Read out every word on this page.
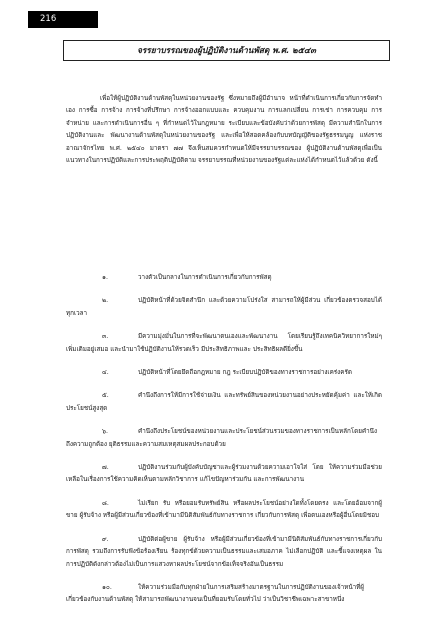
216
จรรยาบรรณของผู้ปฏิบัติงานด้านพัสดุ พ.ศ. ๒๕๔๓

เพื่อให้ผู้ปฏิบัติงานด้านพัสดุในหน่วยงานของรัฐ ซึ่งหมายถึงผู้มีอำนาจ หน้าที่ดำเนินการเกี่ยวกับการจัดทำเอง การซื้อ การจ้าง การจ้างที่ปรึกษา การจ้างออกแบบและ ควบคุมงาน การแลกเปลี่ยน การเช่า การควบคุม การจำหน่าย และการดำเนินการอื่น ๆ ที่กำหนดไว้ในกฎหมาย ระเบียบและข้อบังคับว่าด้วยการพัสดุ มีความสำนึกในการปฏิบัติงานและ พัฒนางานด้านพัสดุในหน่วยงานของรัฐ และเพื่อให้สอดคล้องกับบทบัญญัติของรัฐธรรมนูญ แห่งราชอาณาจักรไทย พ.ศ. ๒๕๔๐ มาตรา ๗๗ จึงเห็นสมควรกำหนดให้มีจรรยาบรรณของ ผู้ปฏิบัติงานด้านพัสดุเพื่อเป็นแนวทางในการปฏิบัติและการประพฤติปฏิบัติตาม จรรยาบรรณที่หน่วยงานของรัฐแต่ละแห่งได้กำหนดไว้แล้วด้วย ดังนี้

๑.	วางตัวเป็นกลางในการดำเนินการเกี่ยวกับการพัสดุ

๒.	ปฏิบัติหน้าที่ด้วยจิตสำนึก และด้วยความโปร่งใส สามารถให้ผู้มีส่วน เกี่ยวข้องตรวจสอบได้ทุกเวลา

๓.	มีความมุ่งมั่นในการที่จะพัฒนาตนเองและพัฒนางาน โดยเรียนรู้ถึงเทคนิควิทยาการใหม่ๆ เพิ่มเติมอยู่เสมอ และนำมาใช้ปฏิบัติงานให้รวดเร็ว มีประสิทธิภาพและ ประสิทธิผลดียิ่งขึ้น

๔.	ปฏิบัติหน้าที่โดยยึดถือกฎหมาย กฎ ระเบียบปฏิบัติของทางราชการอย่างเคร่งครัด

๕.	คำนึงถึงการให้มีการใช้จ่ายเงิน และทรัพย์สินของหน่วยงานอย่างประหยัดคุ้มค่า และให้เกิดประโยชน์สูงสุด

๖.	คำนึงถึงประโยชน์ของหน่วยงานและประโยชน์ส่วนรวมของทางราชการเป็นหลักโดยคำนึงถึงความถูกต้อง ยุติธรรมและความสมเหตุสมผลประกอบด้วย

๗.	ปฏิบัติงานร่วมกับผู้บังคับบัญชาและผู้ร่วมงานด้วยความเอาใจใส่ โดย ให้ความร่วมมือช่วยเหลือในเรื่องการใช้ความคิดเห็นตามหลักวิชาการ แก้ไขปัญหาร่วมกัน และการพัฒนางาน

๘.	ไม่เรียก รับ หรือยอมรับทรัพย์สิน หรือผลประโยชน์อย่างใดทั้งโดยตรง และโดยอ้อมจากผู้ขาย ผู้รับจ้าง หรือผู้มีส่วนเกี่ยวข้องที่เข้ามามีนิติสัมพันธ์กับทางราชการ เกี่ยวกับการพัสดุ เพื่อตนเองหรือผู้อื่นโดยมิชอบ

๙.	ปฏิบัติต่อผู้ขาย ผู้รับจ้าง หรือผู้มีส่วนเกี่ยวข้องที่เข้ามามีนิติสัมพันธ์กับทางราชการเกี่ยวกับการพัสดุ รวมถึงการรับฟังข้อร้องเรียน ร้องทุกข์ด้วยความเป็นธรรมและเสมอภาค ไม่เลือกปฏิบัติ และชี้แจงเหตุผล ในการปฏิบัติดังกล่าวต้องไม่เป็นการแสวงหาผลประโยชน์จากข้อเท็จจริงอันเป็นธรรม

๑๐.	ให้ความร่วมมือกับทุกฝ่ายในการเสริมสร้างมาตรฐานในการปฏิบัติงานของเจ้าหน้าที่ผู้เกี่ยวข้องกับงานด้านพัสดุ ให้สามารถพัฒนางานจนเป็นที่ยอมรับโดยทั่วไป ว่าเป็นวิชาชีพเฉพาะสาขาหนึ่ง
